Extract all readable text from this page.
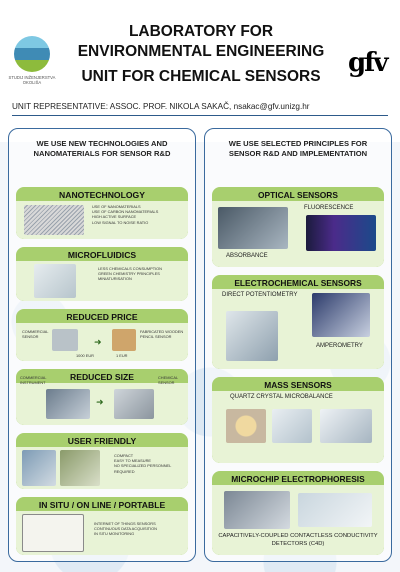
STUDIJ INŽENJERSTVA OKOLIŠA
LABORATORY FOR ENVIRONMENTAL ENGINEERING gfv
UNIT FOR CHEMICAL SENSORS
UNIT REPRESENTATIVE: ASSOC. PROF. NIKOLA SAKAČ, nsakac@gfv.unizg.hr
WE USE NEW TECHNOLOGIES AND NANOMATERIALS FOR SENSOR R&D
NANOTECHNOLOGY
USE OF NANOMATERIALS
USE OF CARBON NANOMATERIALS
HIGH ACTIVE SURFACE
LOW SIGNAL TO NOISE RATIO
MICROFLUIDICS
LESS CHEMICALS CONSUMPTION
GREEN CHEMISTRY PRINCIPLES
MINIATURISATION
REDUCED PRICE
COMMERCIAL SENSOR
1000 EUR
➜
1 EUR
FABRICATED WOODEN PENCIL SENSOR
REDUCED SIZE
COMMERCIAL INSTRUMENT
➜
CHEMICAL SENSOR
USER FRIENDLY
COMPACT
EASY TO MEASURE
NO SPECIALIZED PERSONNEL REQUIRED
IN SITU / ON LINE / PORTABLE
INTERNET OF THINGS SENSORS
CONTINUOUS DATA ACQUISITION
IN SITU MONITORING
WE USE SELECTED PRINCIPLES FOR SENSOR R&D AND IMPLEMENTATION
OPTICAL SENSORS
FLUORESCENCE
ABSORBANCE
ELECTROCHEMICAL SENSORS
DIRECT POTENTIOMETRY
AMPEROMETRY
MASS SENSORS
QUARTZ CRYSTAL MICROBALANCE
MICROCHIP ELECTROPHORESIS
CAPACITIVELY-COUPLED CONTACTLESS CONDUCTIVITY DETECTORS (C4D)
